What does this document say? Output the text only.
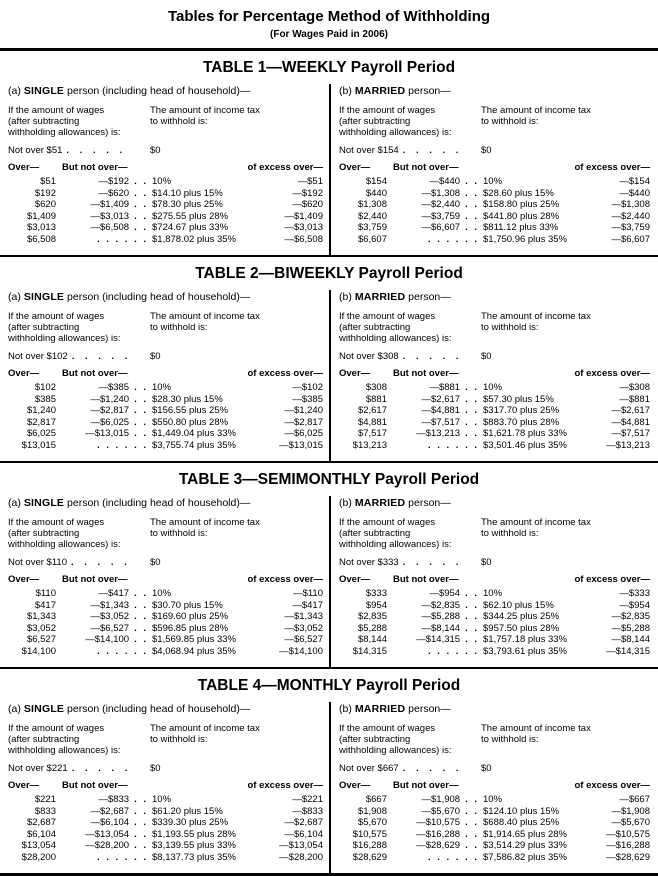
Tables for Percentage Method of Withholding
(For Wages Paid in 2006)
TABLE 1—WEEKLY Payroll Period
(a) SINGLE person (including head of household)—
If the amount of wages
(after subtracting
withholding allowances) is:
The amount of income tax
to withhold is:
Not over $51 . . . . .	$0
Over—	But not over—	of excess over—
$51	—$192 . . 10%	—$51
$192	—$620 . . $14.10 plus 15%	—$192
$620	—$1,409 . . $78.30 plus 25%	—$620
$1,409	—$3,013 . . $275.55 plus 28%	—$1,409
$3,013	—$6,508 . . $724.67 plus 33%	—$3,013
$6,508	. . . . . . $1,878.02 plus 35%	—$6,508
(b) MARRIED person—
If the amount of wages
(after subtracting
withholding allowances) is:
The amount of income tax
to withhold is:
Not over $154 . . . . .	$0
Over—	But not over—	of excess over—
$154	—$440 . . 10%	—$154
$440	—$1,308 . . $28.60 plus 15%	—$440
$1,308	—$2,440 . . $158.80 plus 25%	—$1,308
$2,440	—$3,759 . . $441.80 plus 28%	—$2,440
$3,759	—$6,607 . . $811.12 plus 33%	—$3,759
$6,607	. . . . . . $1,750.96 plus 35%	—$6,607
TABLE 2—BIWEEKLY Payroll Period
(a) SINGLE person (including head of household)—
If the amount of wages
(after subtracting
withholding allowances) is:
The amount of income tax
to withhold is:
Not over $102 . . . . .	$0
Over—	But not over—	of excess over—
$102	—$385 . . 10%	—$102
$385	—$1,240 . . $28.30 plus 15%	—$385
$1,240	—$2,817 . . $156.55 plus 25%	—$1,240
$2,817	—$6,025 . . $550.80 plus 28%	—$2,817
$6,025	—$13,015 . . $1,449.04 plus 33%	—$6,025
$13,015	. . . . . . $3,755.74 plus 35%	—$13,015
(b) MARRIED person—
If the amount of wages
(after subtracting
withholding allowances) is:
The amount of income tax
to withhold is:
Not over $308 . . . . .	$0
Over—	But not over—	of excess over—
$308	—$881 . . 10%	—$308
$881	—$2,617 . . $57.30 plus 15%	—$881
$2,617	—$4,881 . . $317.70 plus 25%	—$2,617
$4,881	—$7,517 . . $883.70 plus 28%	—$4,881
$7,517	—$13,213 . . $1,621.78 plus 33%	—$7,517
$13,213	. . . . . . $3,501.46 plus 35%	—$13,213
TABLE 3—SEMIMONTHLY Payroll Period
(a) SINGLE person (including head of household)—
If the amount of wages
(after subtracting
withholding allowances) is:
The amount of income tax
to withhold is:
Not over $110 . . . . .	$0
Over—	But not over—	of excess over—
$110	—$417 . . 10%	—$110
$417	—$1,343 . . $30.70 plus 15%	—$417
$1,343	—$3,052 . . $169.60 plus 25%	—$1,343
$3,052	—$6,527 . . $596.85 plus 28%	—$3,052
$6,527	—$14,100 . . $1,569.85 plus 33%	—$6,527
$14,100	. . . . . . $4,068.94 plus 35%	—$14,100
(b) MARRIED person—
If the amount of wages
(after subtracting
withholding allowances) is:
The amount of income tax
to withhold is:
Not over $333 . . . . .	$0
Over—	But not over—	of excess over—
$333	—$954 . . 10%	—$333
$954	—$2,835 . . $62.10 plus 15%	—$954
$2,835	—$5,288 . . $344.25 plus 25%	—$2,835
$5,288	—$8,144 . . $957.50 plus 28%	—$5,288
$8,144	—$14,315 . . $1,757.18 plus 33%	—$8,144
$14,315	. . . . . . $3,793.61 plus 35%	—$14,315
TABLE 4—MONTHLY Payroll Period
(a) SINGLE person (including head of household)—
If the amount of wages
(after subtracting
withholding allowances) is:
The amount of income tax
to withhold is:
Not over $221 . . . . .	$0
Over—	But not over—	of excess over—
$221	—$833 . . 10%	—$221
$833	—$2,687 . . $61.20 plus 15%	—$833
$2,687	—$6,104 . . $339.30 plus 25%	—$2,687
$6,104	—$13,054 . . $1,193.55 plus 28%	—$6,104
$13,054	—$28,200 . . $3,139.55 plus 33%	—$13,054
$28,200	. . . . . . $8,137.73 plus 35%	—$28,200
(b) MARRIED person—
If the amount of wages
(after subtracting
withholding allowances) is:
The amount of income tax
to withhold is:
Not over $667 . . . . .	$0
Over—	But not over—	of excess over—
$667	—$1,908 . . 10%	—$667
$1,908	—$5,670 . . $124.10 plus 15%	—$1,908
$5,670	—$10,575 . . $688.40 plus 25%	—$5,670
$10,575	—$16,288 . . $1,914.65 plus 28%	—$10,575
$16,288	—$28,629 . . $3,514.29 plus 33%	—$16,288
$28,629	. . . . . . $7,586.82 plus 35%	—$28,629
